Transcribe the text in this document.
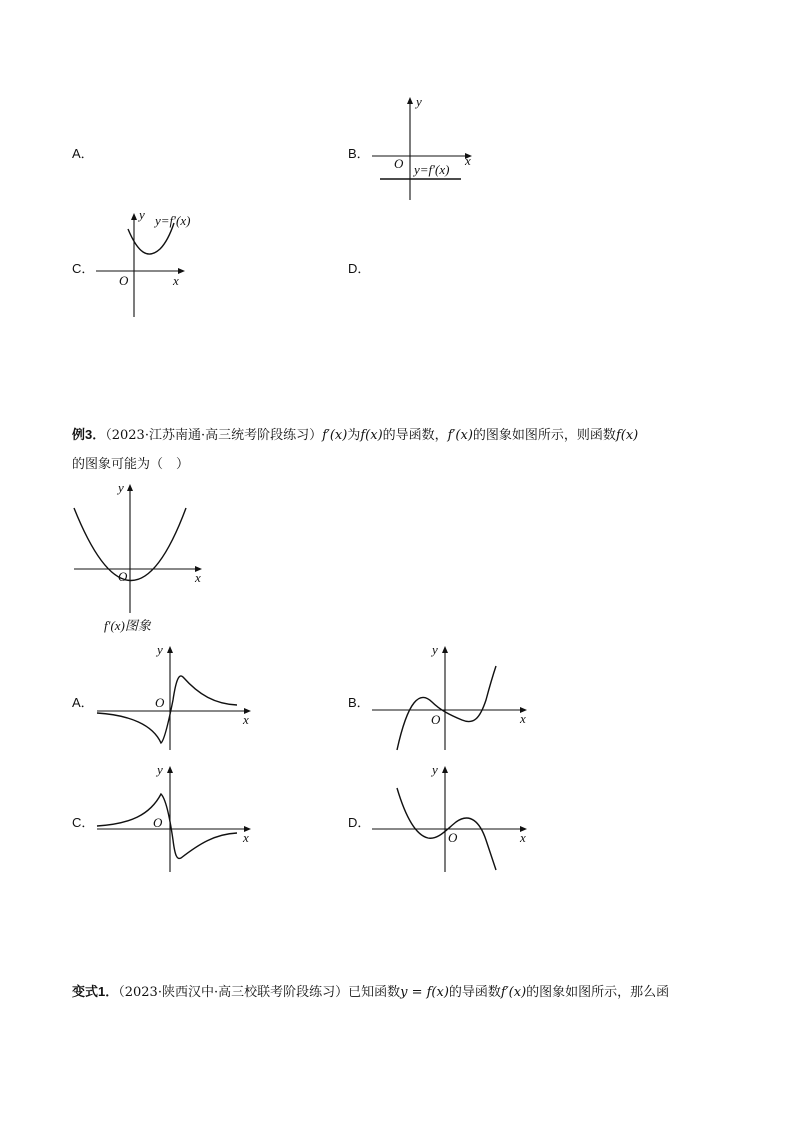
A．	B．
C．	D．
y
x
O y=f′(x)
y
x
O
y=f′(x)
例3．（2023·江苏南通·高三统考阶段练习）f′(x)为f(x)的导函数，f′(x)的图象如图所示，则函数f(x)
的图象可能为（　）
y
x
O
f′(x)图象
A．	B．
C．	D．
y
x
O
y
x
O
y
x
O
y
x
O
变式1．（2023·陕西汉中·高三校联考阶段练习）已知函数y = f(x)的导函数f′(x)的图象如图所示，那么函
